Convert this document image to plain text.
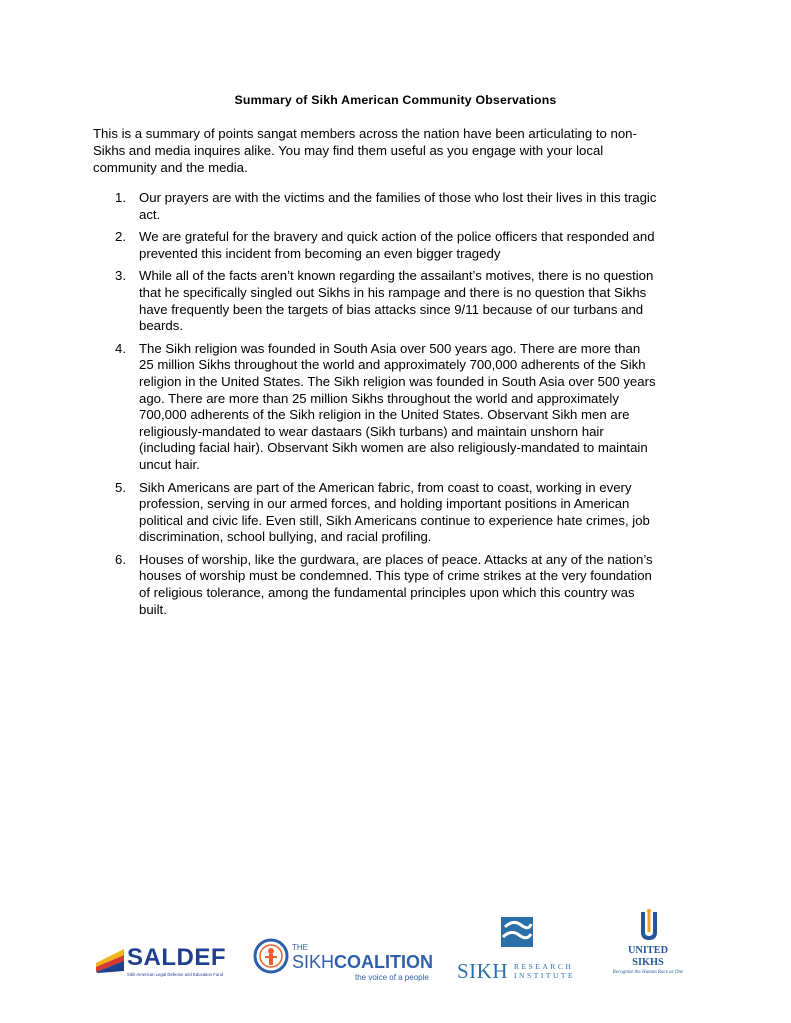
Summary of Sikh American Community Observations
This is a summary of points sangat members across the nation have been articulating to non-
Sikhs and media inquires alike. You may find them useful as you engage with your local
community and the media.
1. Our prayers are with the victims and the families of those who lost their lives in this tragic
act.
2. We are grateful for the bravery and quick action of the police officers that responded and
prevented this incident from becoming an even bigger tragedy
3. While all of the facts aren’t known regarding the assailant’s motives, there is no question
that he specifically singled out Sikhs in his rampage and there is no question that Sikhs
have frequently been the targets of bias attacks since 9/11 because of our turbans and
beards.
4. The Sikh religion was founded in South Asia over 500 years ago. There are more than
25 million Sikhs throughout the world and approximately 700,000 adherents of the Sikh
religion in the United States. The Sikh religion was founded in South Asia over 500 years
ago. There are more than 25 million Sikhs throughout the world and approximately
700,000 adherents of the Sikh religion in the United States. Observant Sikh men are
religiously-mandated to wear dastaars (Sikh turbans) and maintain unshorn hair
(including facial hair). Observant Sikh women are also religiously-mandated to maintain
uncut hair.
5. Sikh Americans are part of the American fabric, from coast to coast, working in every
profession, serving in our armed forces, and holding important positions in American
political and civic life. Even still, Sikh Americans continue to experience hate crimes, job
discrimination, school bullying, and racial profiling.
6. Houses of worship, like the gurdwara, are places of peace. Attacks at any of the nation’s
houses of worship must be condemned. This type of crime strikes at the very foundation
of religious tolerance, among the fundamental principles upon which this country was
built.
SALDEF
Sikh American Legal Defense and Education Fund
THE
SIKHCOALITION
the voice of a people SIKH RESEARCH
INSTITUTE
UNITED
SIKHS
Recognize the Human Race as One
